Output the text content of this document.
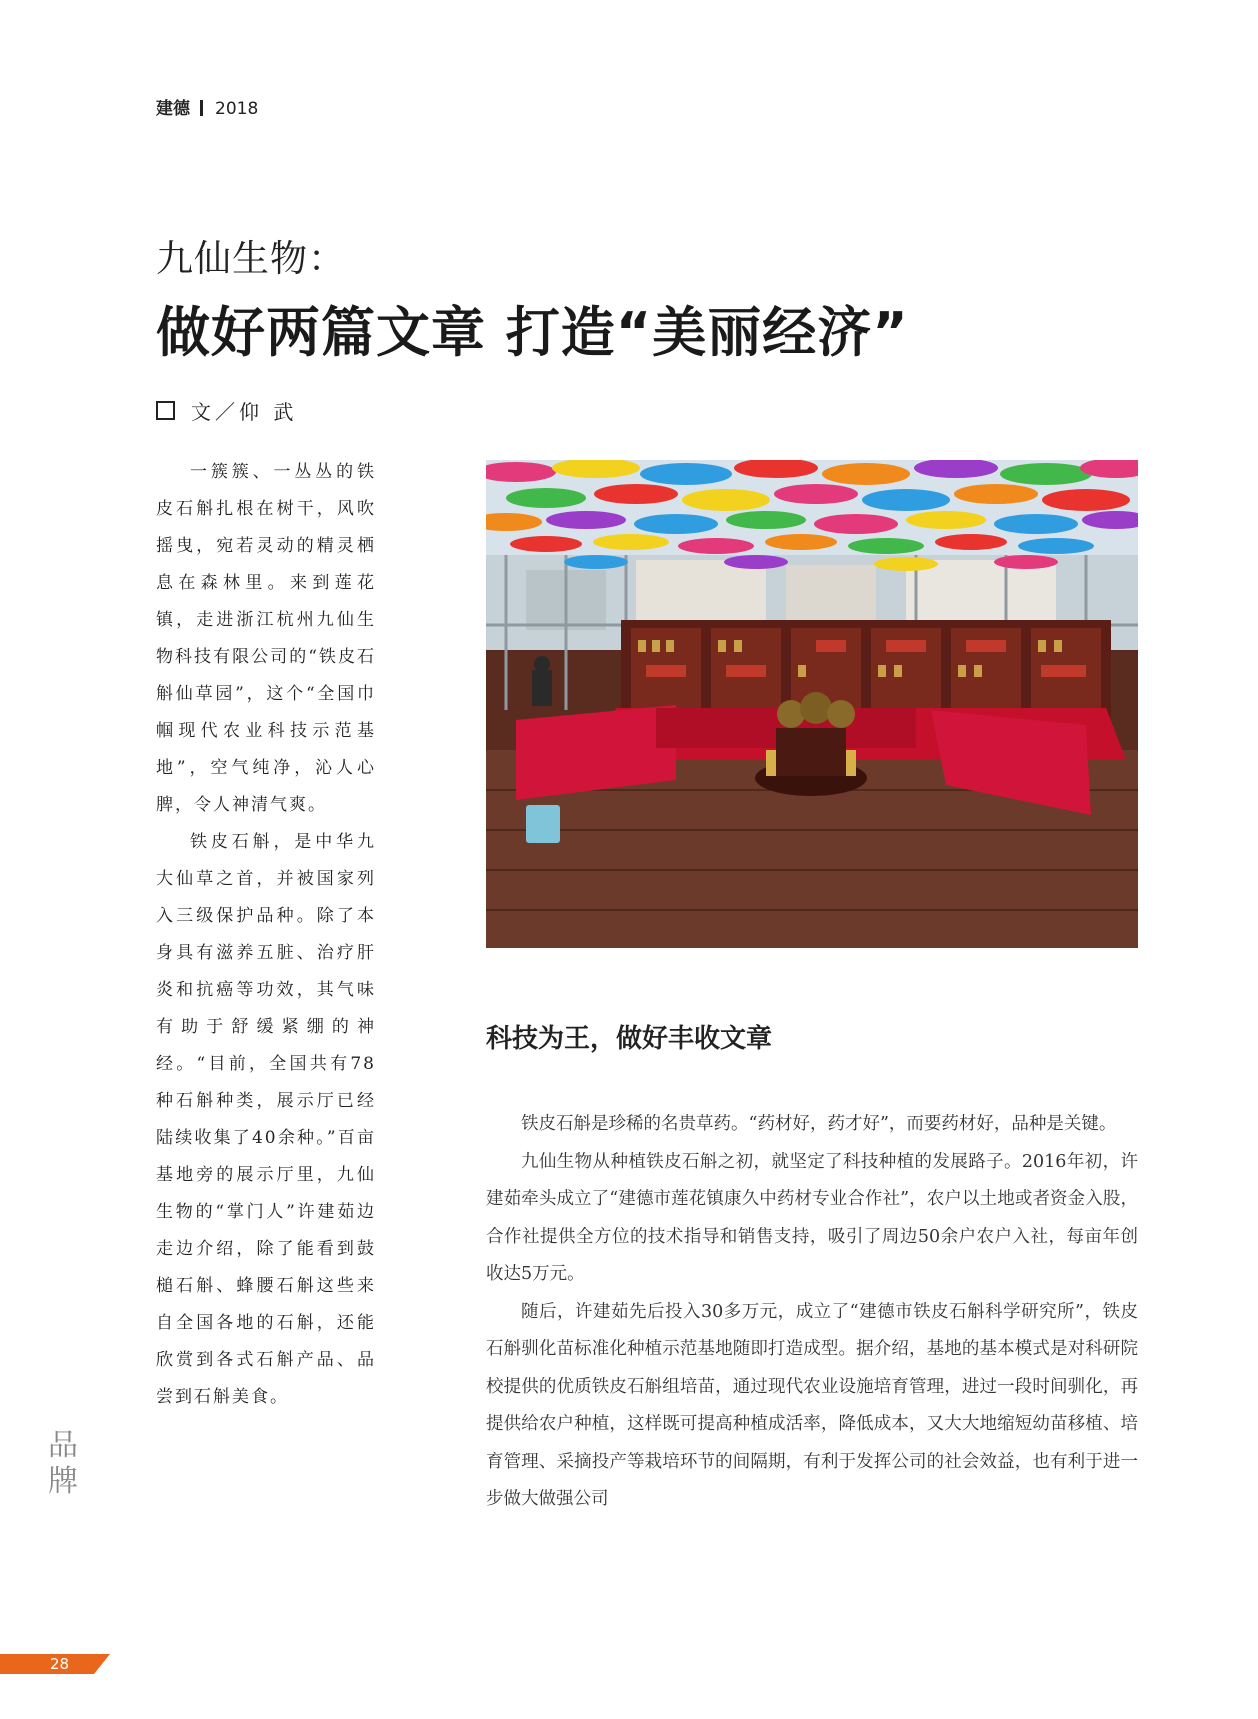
建德 2018
九仙生物：
做好两篇文章 打造“美丽经济”
文／仰 武

一簇簇、一丛丛的铁皮石斛扎根在树干，风吹摇曳，宛若灵动的精灵栖息在森林里。来到莲花镇，走进浙江杭州九仙生物科技有限公司的“铁皮石斛仙草园”，这个“全国巾帼现代农业科技示范基地”，空气纯净，沁人心脾，令人神清气爽。

铁皮石斛，是中华九大仙草之首，并被国家列入三级保护品种。除了本身具有滋养五脏、治疗肝炎和抗癌等功效，其气味有助于舒缓紧绷的神经。“目前，全国共有78种石斛种类，展示厅已经陆续收集了40余种。”百亩基地旁的展示厅里，九仙生物的“掌门人”许建茹边走边介绍，除了能看到鼓槌石斛、蜂腰石斛这些来自全国各地的石斛，还能欣赏到各式石斛产品、品尝到石斛美食。

科技为王，做好丰收文章

铁皮石斛是珍稀的名贵草药。“药材好，药才好”，而要药材好，品种是关键。

九仙生物从种植铁皮石斛之初，就坚定了科技种植的发展路子。2016年初，许建茹牵头成立了“建德市莲花镇康久中药材专业合作社”，农户以土地或者资金入股，合作社提供全方位的技术指导和销售支持，吸引了周边50余户农户入社，每亩年创收达5万元。

随后，许建茹先后投入30多万元，成立了“建德市铁皮石斛科学研究所”，铁皮石斛驯化苗标准化种植示范基地随即打造成型。据介绍，基地的基本模式是对科研院校提供的优质铁皮石斛组培苗，通过现代农业设施培育管理，进过一段时间驯化，再提供给农户种植，这样既可提高种植成活率，降低成本，又大大地缩短幼苗移植、培育管理、采摘投产等栽培环节的间隔期，有利于发挥公司的社会效益，也有利于进一步做大做强公司

品
牌
28
